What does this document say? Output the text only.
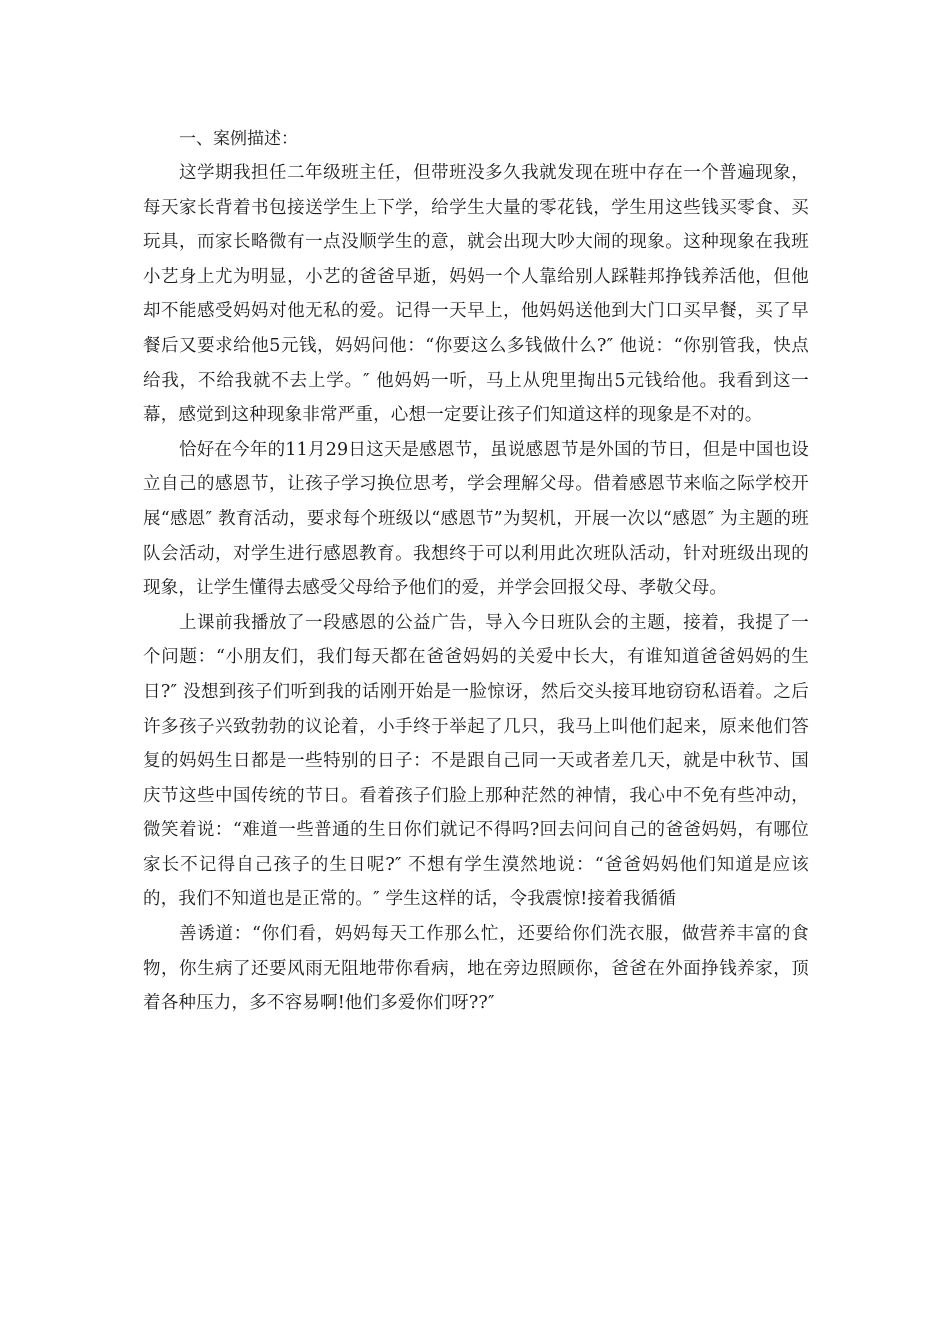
一、案例描述：

这学期我担任二年级班主任，但带班没多久我就发现在班中存在一个普遍现象，每天家长背着书包接送学生上下学，给学生大量的零花钱，学生用这些钱买零食、买玩具，而家长略微有一点没顺学生的意，就会出现大吵大闹的现象。这种现象在我班小艺身上尤为明显，小艺的爸爸早逝，妈妈一个人靠给别人踩鞋邦挣钱养活他，但他却不能感受妈妈对他无私的爱。记得一天早上，他妈妈送他到大门口买早餐，买了早餐后又要求给他5元钱，妈妈问他：“你要这么多钱做什么?″ 他说：“你别管我，快点给我，不给我就不去上学。″ 他妈妈一听，马上从兜里掏出5元钱给他。我看到这一幕，感觉到这种现象非常严重，心想一定要让孩子们知道这样的现象是不对的。

恰好在今年的11月29日这天是感恩节，虽说感恩节是外国的节日，但是中国也设立自己的感恩节，让孩子学习换位思考，学会理解父母。借着感恩节来临之际学校开展“感恩″ 教育活动，要求每个班级以“感恩节”为契机，开展一次以“感恩″ 为主题的班队会活动，对学生进行感恩教育。我想终于可以利用此次班队活动，针对班级出现的现象，让学生懂得去感受父母给予他们的爱，并学会回报父母、孝敬父母。

上课前我播放了一段感恩的公益广告，导入今日班队会的主题，接着，我提了一个问题：“小朋友们，我们每天都在爸爸妈妈的关爱中长大，有谁知道爸爸妈妈的生日?″ 没想到孩子们听到我的话刚开始是一脸惊讶，然后交头接耳地窃窃私语着。之后许多孩子兴致勃勃的议论着，小手终于举起了几只，我马上叫他们起来，原来他们答复的妈妈生日都是一些特别的日子：不是跟自己同一天或者差几天，就是中秋节、国庆节这些中国传统的节日。看着孩子们脸上那种茫然的神情，我心中不免有些冲动，微笑着说：“难道一些普通的生日你们就记不得吗?回去问问自己的爸爸妈妈，有哪位家长不记得自己孩子的生日呢?″ 不想有学生漠然地说：“爸爸妈妈他们知道是应该的，我们不知道也是正常的。″ 学生这样的话，令我震惊!接着我循循

善诱道：“你们看，妈妈每天工作那么忙，还要给你们洗衣服，做营养丰富的食物，你生病了还要风雨无阻地带你看病，地在旁边照顾你，爸爸在外面挣钱养家，顶着各种压力，多不容易啊!他们多爱你们呀??″
